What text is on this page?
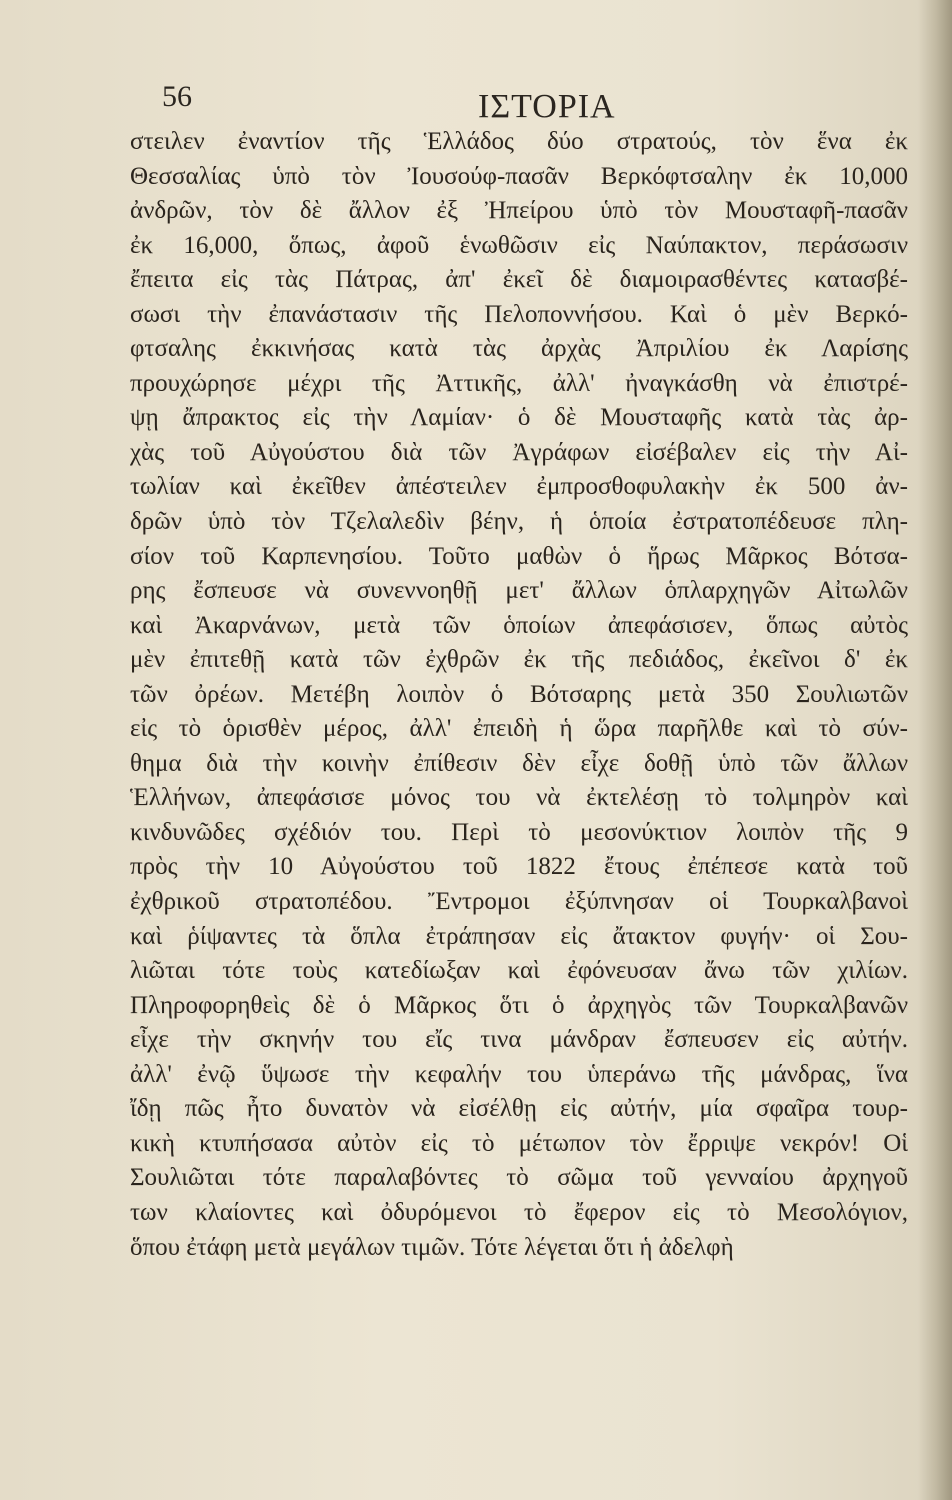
56	ΙΣΤΟΡΙΑ
στειλεν ἐναντίον τῆς Ἑλλάδος δύο στρατούς, τὸν ἕνα ἐκ
Θεσσαλίας ὑπὸ τὸν Ἰουσούφ-πασᾶν Βερκόφτσαλην ἐκ 10,000
ἀνδρῶν, τὸν δὲ ἄλλον ἐξ Ἠπείρου ὑπὸ τὸν Μουσταφῆ-πασᾶν
ἐκ 16,000, ὅπως, ἀφοῦ ἑνωθῶσιν εἰς Ναύπακτον, περάσωσιν
ἔπειτα εἰς τὰς Πάτρας, ἀπ' ἐκεῖ δὲ διαμοιρασθέντες κατασβέ-
σωσι τὴν ἐπανάστασιν τῆς Πελοποννήσου. Καὶ ὁ μὲν Βερκό-
φτσαλης ἐκκινήσας κατὰ τὰς ἀρχὰς Ἀπριλίου ἐκ Λαρίσης
προυχώρησε μέχρι τῆς Ἀττικῆς, ἀλλ' ἠναγκάσθη νὰ ἐπιστρέ-
ψῃ ἄπρακτος εἰς τὴν Λαμίαν· ὁ δὲ Μουσταφῆς κατὰ τὰς ἀρ-
χὰς τοῦ Αὐγούστου διὰ τῶν Ἀγράφων εἰσέβαλεν εἰς τὴν Αἰ-
τωλίαν καὶ ἐκεῖθεν ἀπέστειλεν ἐμπροσθοφυλακὴν ἐκ 500 ἀν-
δρῶν ὑπὸ τὸν Τζελαλεδὶν βέην, ἡ ὁποία ἐστρατοπέδευσε πλη-
σίον τοῦ Καρπενησίου. Τοῦτο μαθὼν ὁ ἥρως Μᾶρκος Βότσα-
ρης ἔσπευσε νὰ συνεννοηθῇ μετ' ἄλλων ὁπλαρχηγῶν Αἰτωλῶν
καὶ Ἀκαρνάνων, μετὰ τῶν ὁποίων ἀπεφάσισεν, ὅπως αὐτὸς
μὲν ἐπιτεθῇ κατὰ τῶν ἐχθρῶν ἐκ τῆς πεδιάδος, ἐκεῖνοι δ' ἐκ
τῶν ὀρέων. Μετέβη λοιπὸν ὁ Βότσαρης μετὰ 350 Σουλιωτῶν
εἰς τὸ ὁρισθὲν μέρος, ἀλλ' ἐπειδὴ ἡ ὥρα παρῆλθε καὶ τὸ σύν-
θημα διὰ τὴν κοινὴν ἐπίθεσιν δὲν εἶχε δοθῇ ὑπὸ τῶν ἄλλων
Ἑλλήνων, ἀπεφάσισε μόνος του νὰ ἐκτελέσῃ τὸ τολμηρὸν καὶ
κινδυνῶδες σχέδιόν του. Περὶ τὸ μεσονύκτιον λοιπὸν τῆς 9
πρὸς τὴν 10 Αὐγούστου τοῦ 1822 ἔτους ἐπέπεσε κατὰ τοῦ
ἐχθρικοῦ στρατοπέδου. Ἔντρομοι ἐξύπνησαν οἱ Τουρκαλβανοὶ
καὶ ῥίψαντες τὰ ὅπλα ἐτράπησαν εἰς ἄτακτον φυγήν· οἱ Σου-
λιῶται τότε τοὺς κατεδίωξαν καὶ ἐφόνευσαν ἄνω τῶν χιλίων.
Πληροφορηθεὶς δὲ ὁ Μᾶρκος ὅτι ὁ ἀρχηγὸς τῶν Τουρκαλβανῶν
εἶχε τὴν σκηνήν του εἴς τινα μάνδραν ἔσπευσεν εἰς αὐτήν.
ἀλλ' ἐνῷ ὕψωσε τὴν κεφαλήν του ὑπεράνω τῆς μάνδρας, ἵνα
ἴδῃ πῶς ἦτο δυνατὸν νὰ εἰσέλθῃ εἰς αὐτήν, μία σφαῖρα τουρ-
κικὴ κτυπήσασα αὐτὸν εἰς τὸ μέτωπον τὸν ἔρριψε νεκρόν! Οἱ
Σουλιῶται τότε παραλαβόντες τὸ σῶμα τοῦ γενναίου ἀρχηγοῦ
των κλαίοντες καὶ ὀδυρόμενοι τὸ ἔφερον εἰς τὸ Μεσολόγιον,
ὅπου ἐτάφη μετὰ μεγάλων τιμῶν. Τότε λέγεται ὅτι ἡ ἀδελφὴ
